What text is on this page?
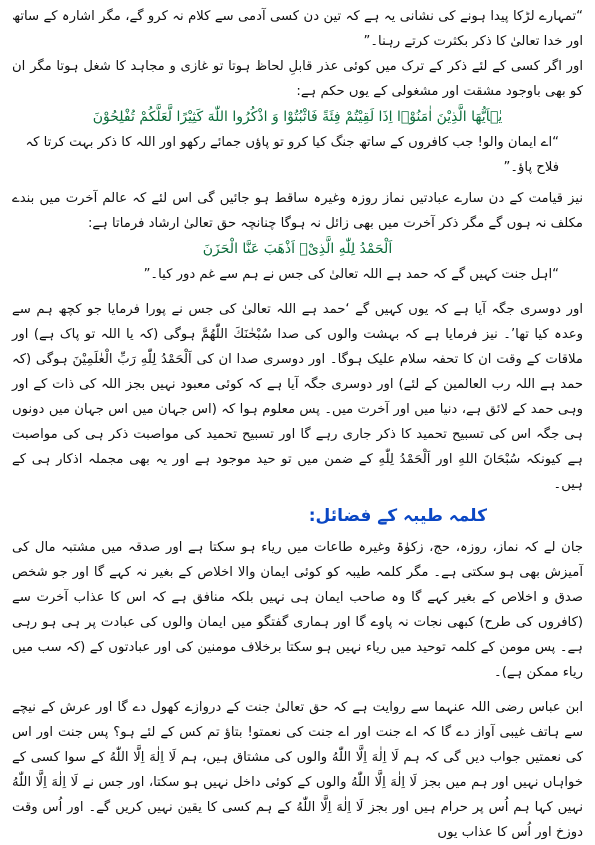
“تمہارے لڑکا پیدا ہونے کی نشانی یہ ہے کہ تین دن کسی آدمی سے کلام نہ کرو گے، مگر اشارہ کے ساتھ اور خدا تعالیٰ کا ذکر بکثرت کرتے رہنا۔”

اور اگر کسی کے لئے ذکر کے ترک میں کوئی عذر قابلِ لحاظ ہوتا تو غازی و مجاہد کا شغل ہوتا مگر ان کو بھی باوجود مشقت اور مشغولی کے یوں حکم ہے:

یٰۤاَیُّهَا الَّذِیْنَ اٰمَنُوْۤا اِذَا لَقِیْتُمْ فِئَةً فَاثْبُتُوْا وَ اذْكُرُوا اللّٰهَ كَثِیْرًا لَّعَلَّكُمْ تُفْلِحُوْنَ

“اے ایمان والو! جب کافروں کے ساتھ جنگ کیا کرو تو پاؤں جمائے رکھو اور اللہ کا ذکر بہت کرتا کہ فلاح پاؤ۔”

نیز قیامت کے دن سارے عبادتیں نماز روزہ وغیرہ ساقط ہو جائیں گی اس لئے کہ عالم آخرت میں بندے مکلف نہ ہوں گے مگر ذکر آخرت میں بھی زائل نہ ہوگا چنانچہ حق تعالیٰ ارشاد فرماتا ہے:

اَلْحَمْدُ لِلّٰهِ الَّذِیْۤ اَذْهَبَ عَنَّا الْحَزَنَ

“اہل جنت کہیں گے کہ حمد ہے اللہ تعالیٰ کی جس نے ہم سے غم دور کیا۔”

اور دوسری جگہ آیا ہے کہ یوں کہیں گے ‘حمد ہے اللہ تعالیٰ کی جس نے پورا فرمایا جو کچھ ہم سے وعدہ کیا تھا’۔ نیز فرمایا ہے کہ بہشت والوں کی صدا سُبْحٰنَكَ اللّٰهُمَّ ہوگی (کہ یا اللہ تو پاک ہے) اور ملاقات کے وقت ان کا تحفہ سلام علیک ہوگا۔ اور دوسری صدا ان کی اَلْحَمْدُ لِلّٰهِ رَبِّ الْعٰلَمِیْنَ ہوگی (کہ حمد ہے اللہ رب العالمین کے لئے) اور دوسری جگہ آیا ہے کہ کوئی معبود نہیں بجز اللہ کی ذات کے اور وہی حمد کے لائق ہے، دنیا میں اور آخرت میں۔ پس معلوم ہوا کہ (اس جہان میں اس جہان میں دونوں ہی جگہ اس کی تسبیح تحمید کا ذکر جاری رہے گا اور تسبیح تحمید کی مواصبت ذکر ہی کی مواصبت ہے کیونکہ سُبْحَانَ اللهِ اور اَلْحَمْدُ لِلّٰهِ کے ضمن میں تو حید موجود ہے اور یہ بھی مجملہ اذکار ہی کے ہیں۔

کلمہ طیبہ کے فضائل:

جان لے کہ نماز، روزہ، حج، زکوٰۃ وغیرہ طاعات میں ریاء ہو سکتا ہے اور صدقہ میں مشتبہ مال کی آمیزش بھی ہو سکتی ہے۔ مگر کلمہ طیبہ کو کوئی ایمان والا اخلاص کے بغیر نہ کہے گا اور جو شخص صدق و اخلاص کے بغیر کہے گا وہ صاحب ایمان ہی نہیں بلکہ منافق ہے کہ اس کا عذاب آخرت سے (کافروں کی طرح) کبھی نجات نہ پاوے گا اور ہماری گفتگو میں ایمان والوں کی عبادت پر ہی ہو رہی ہے۔ پس مومن کے کلمہ توحید میں ریاء نہیں ہو سکتا برخلاف مومنین کی اور عبادتوں کے (کہ سب میں ریاء ممکن ہے)۔

ابن عباس رضی اللہ عنہما سے روایت ہے کہ حق تعالیٰ جنت کے دروازے کھول دے گا اور عرش کے نیچے سے ہاتف غیبی آواز دے گا کہ اے جنت اور اے جنت کی نعمتو! بتاؤ تم کس کے لئے ہو؟ پس جنت اور اس کی نعمتیں جواب دیں گی کہ ہم لَا اِلٰهَ اِلَّا اللّٰهُ والوں کی مشتاق ہیں، ہم لَا اِلٰهَ اِلَّا اللّٰهُ کے سوا کسی کے خواہاں نہیں اور ہم میں بجز لَا اِلٰهَ اِلَّا اللّٰهُ والوں کے کوئی داخل نہیں ہو سکتا، اور جس نے لَا اِلٰهَ اِلَّا اللّٰهُ نہیں کہا ہم اُس پر حرام ہیں اور بجز لَا اِلٰهَ اِلَّا اللّٰهُ کے ہم کسی کا یقین نہیں کریں گے۔ اور اُس وقت دوزخ اور اُس کا عذاب یوں
